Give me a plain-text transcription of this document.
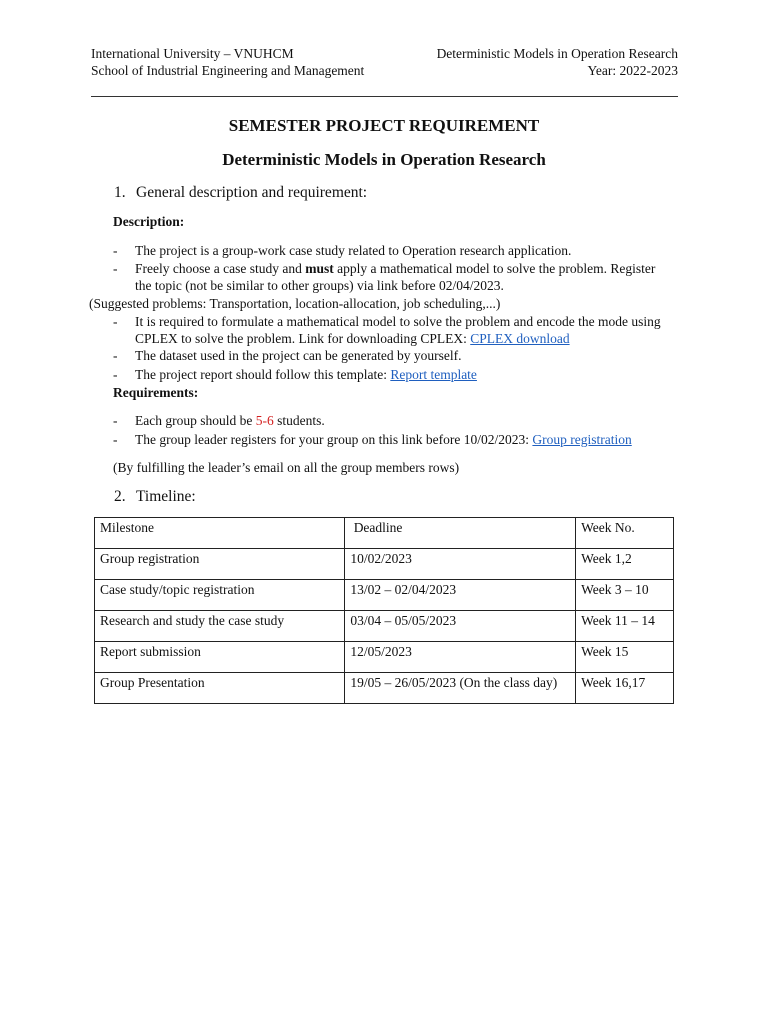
International University – VNUHCM
School of Industrial Engineering and Management
Deterministic Models in Operation Research
Year: 2022-2023
SEMESTER PROJECT REQUIREMENT
Deterministic Models in Operation Research
1. General description and requirement:
Description:
- The project is a group-work case study related to Operation research application.
- Freely choose a case study and must apply a mathematical model to solve the problem. Register
the topic (not be similar to other groups) via link before 02/04/2023.
(Suggested problems: Transportation, location-allocation, job scheduling,...)
- It is required to formulate a mathematical model to solve the problem and encode the mode using
CPLEX to solve the problem. Link for downloading CPLEX: CPLEX download
- The dataset used in the project can be generated by yourself.
- The project report should follow this template: Report template
Requirements:
- Each group should be 5-6 students.
- The group leader registers for your group on this link before 10/02/2023: Group registration
(By fulfilling the leader’s email on all the group members rows)
2. Timeline:
Milestone	Deadline	Week No.
Group registration	10/02/2023	Week 1,2
Case study/topic registration	13/02 – 02/04/2023	Week 3 – 10
Research and study the case study	03/04 – 05/05/2023	Week 11 – 14
Report submission	12/05/2023	Week 15
Group Presentation	19/05 – 26/05/2023 (On the class day)	Week 16,17
